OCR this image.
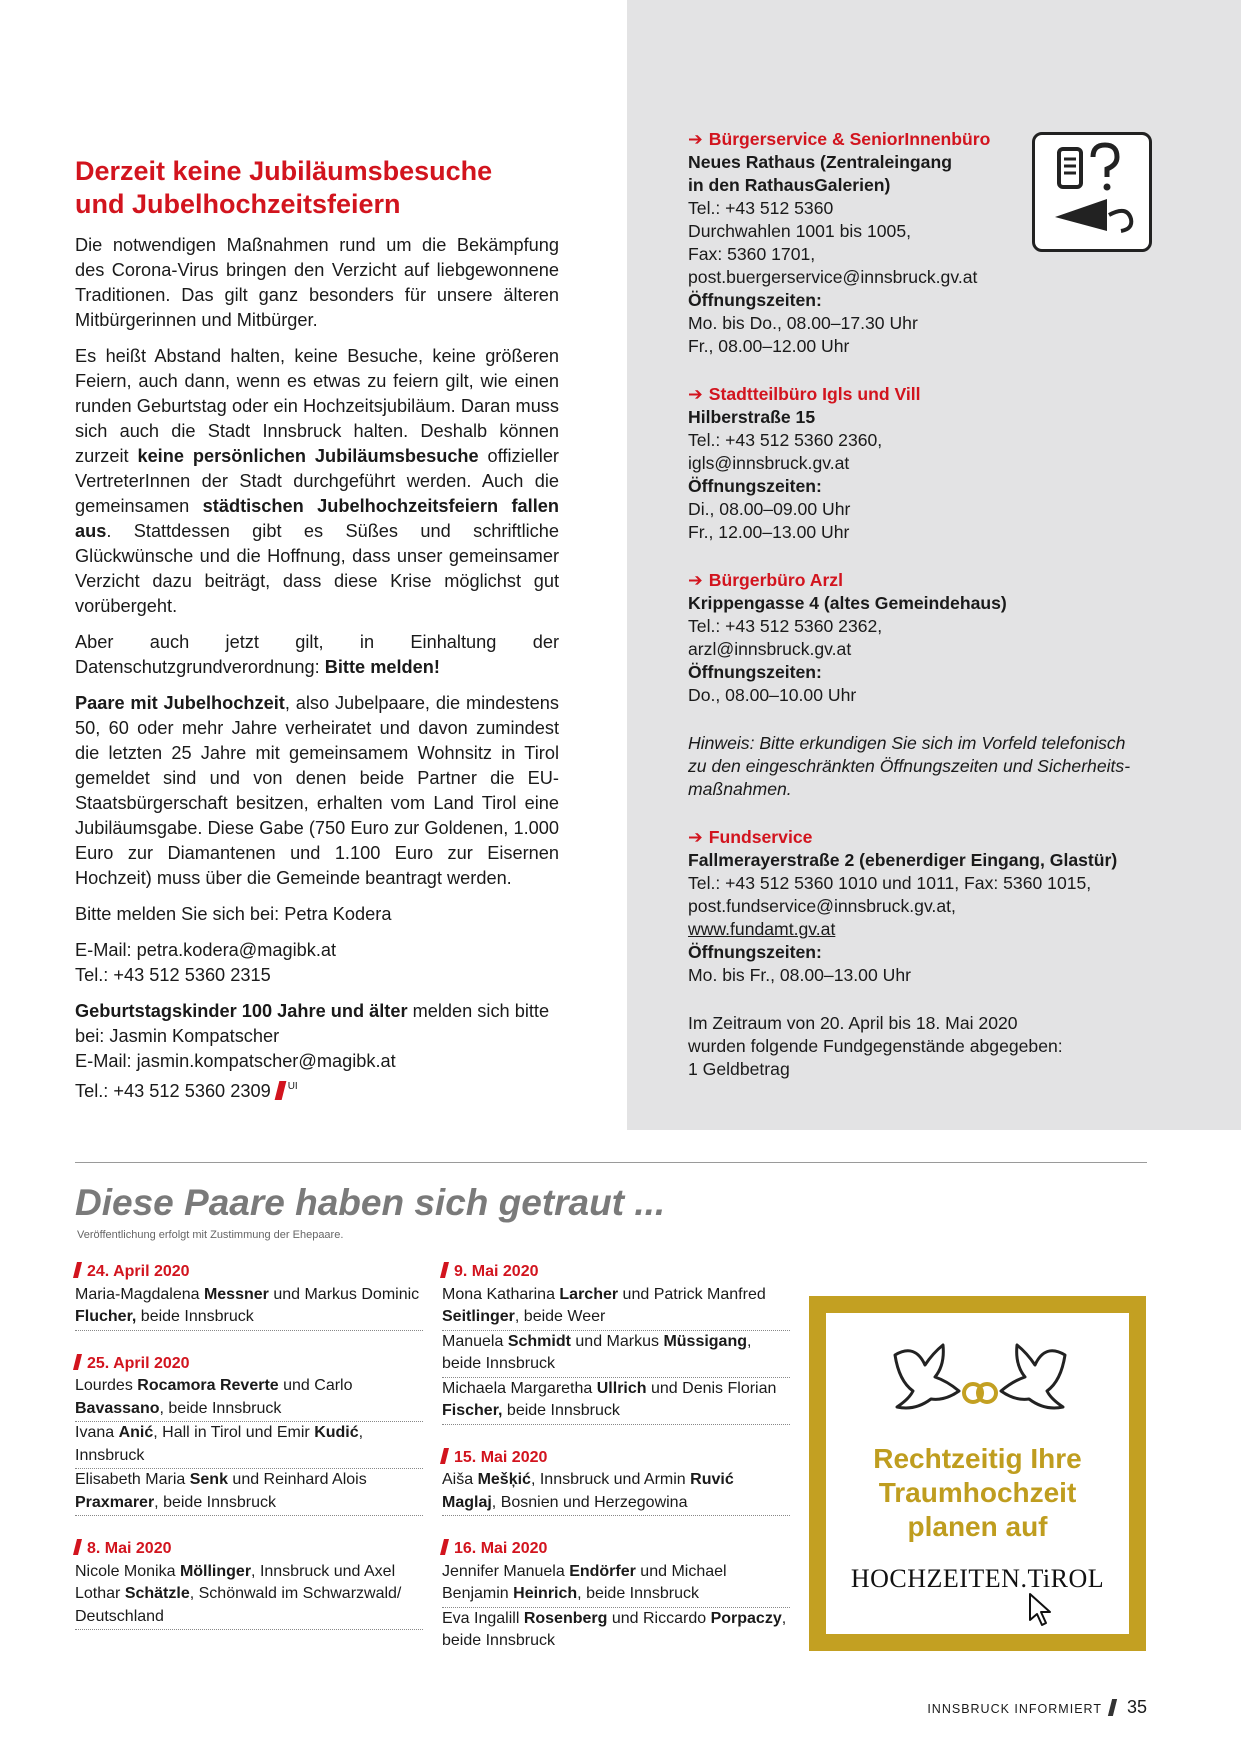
Derzeit keine Jubiläumsbesuche
und Jubelhochzeitsfeiern

Die notwendigen Maßnahmen rund um die Bekämpfung des Corona-Virus bringen den Verzicht auf liebgewonnene Traditionen. Das gilt ganz besonders für unsere älteren Mitbürgerinnen und Mitbürger.

Es heißt Abstand halten, keine Besuche, keine größeren Feiern, auch dann, wenn es etwas zu feiern gilt, wie einen runden Geburtstag oder ein Hochzeitsjubiläum. Daran muss sich auch die Stadt Innsbruck halten. Deshalb können zurzeit keine persönlichen Jubiläumsbesuche offizieller VertreterInnen der Stadt durchgeführt werden. Auch die gemeinsamen städtischen Jubelhochzeitsfeiern fallen aus. Stattdessen gibt es Süßes und schriftliche Glückwünsche und die Hoffnung, dass unser gemeinsamer Verzicht dazu beiträgt, dass diese Krise möglichst gut vorübergeht.

Aber auch jetzt gilt, in Einhaltung der Datenschutzgrundverordnung: Bitte melden!

Paare mit Jubelhochzeit, also Jubelpaare, die mindestens 50, 60 oder mehr Jahre verheiratet und davon zumindest die letzten 25 Jahre mit gemeinsamem Wohnsitz in Tirol gemeldet sind und von denen beide Partner die EU-Staatsbürgerschaft besitzen, erhalten vom Land Tirol eine Jubiläumsgabe. Diese Gabe (750 Euro zur Goldenen, 1.000 Euro zur Diamantenen und 1.100 Euro zur Eisernen Hochzeit) muss über die Gemeinde beantragt werden.

Bitte melden Sie sich bei: Petra Kodera

E-Mail: petra.kodera@magibk.at
Tel.: +43 512 5360 2315

Geburtstagskinder 100 Jahre und älter melden sich bitte bei: Jasmin Kompatscher
E-Mail: jasmin.kompatscher@magibk.at
Tel.: +43 512 5360 2309 $^{UI}$

➔ Bürgerservice & SeniorInnenbüro
Neues Rathaus (Zentraleingang
in den RathausGalerien)
Tel.: +43 512 5360
Durchwahlen 1001 bis 1005,
Fax: 5360 1701,
post.buergerservice@innsbruck.gv.at
Öffnungszeiten:
Mo. bis Do., 08.00–17.30 Uhr
Fr., 08.00–12.00 Uhr
➔ Stadtteilbüro Igls und Vill
Hilberstraße 15
Tel.: +43 512 5360 2360,
igls@innsbruck.gv.at
Öffnungszeiten:
Di., 08.00–09.00 Uhr
Fr., 12.00–13.00 Uhr
➔ Bürgerbüro Arzl
Krippengasse 4 (altes Gemeindehaus)
Tel.: +43 512 5360 2362,
arzl@innsbruck.gv.at
Öffnungszeiten:
Do., 08.00–10.00 Uhr
Hinweis: Bitte erkundigen Sie sich im Vorfeld telefonisch
zu den eingeschränkten Öffnungszeiten und Sicherheits-
maßnahmen.
➔ Fundservice
Fallmerayerstraße 2 (ebenerdiger Eingang, Glastür)
Tel.: +43 512 5360 1010 und 1011, Fax: 5360 1015,
post.fundservice@innsbruck.gv.at,
www.fundamt.gv.at
Öffnungszeiten:
Mo. bis Fr., 08.00–13.00 Uhr
Im Zeitraum von 20. April bis 18. Mai 2020
wurden folgende Fundgegenstände abgegeben:
1 Geldbetrag
Diese Paare haben sich getraut ...
Veröffentlichung erfolgt mit Zustimmung der Ehepaare.
24. April 2020
Maria-Magdalena Messner und Markus Dominic Flucher, beide Innsbruck
25. April 2020
Lourdes Rocamora Reverte und Carlo Bavassano, beide Innsbruck
Ivana Anić, Hall in Tirol und Emir Kudić, Innsbruck
Elisabeth Maria Senk und Reinhard Alois Praxmarer, beide Innsbruck
8. Mai 2020
Nicole Monika Möllinger, Innsbruck und Axel Lothar Schätzle, Schönwald im Schwarzwald/ Deutschland
9. Mai 2020
Mona Katharina Larcher und Patrick Manfred Seitlinger, beide Weer
Manuela Schmidt und Markus Müssigang, beide Innsbruck
Michaela Margaretha Ullrich und Denis Florian Fischer, beide Innsbruck
15. Mai 2020
Aiša Mešķić, Innsbruck und Armin Ruvić Maglaj, Bosnien und Herzegowina
16. Mai 2020
Jennifer Manuela Endörfer und Michael Benjamin Heinrich, beide Innsbruck
Eva Ingalill Rosenberg und Riccardo Porpaczy, beide Innsbruck
Rechtzeitig Ihre
Traumhochzeit
planen auf
HOCHZEITEN.TiROL
INNSBRUCK INFORMIERT 35
